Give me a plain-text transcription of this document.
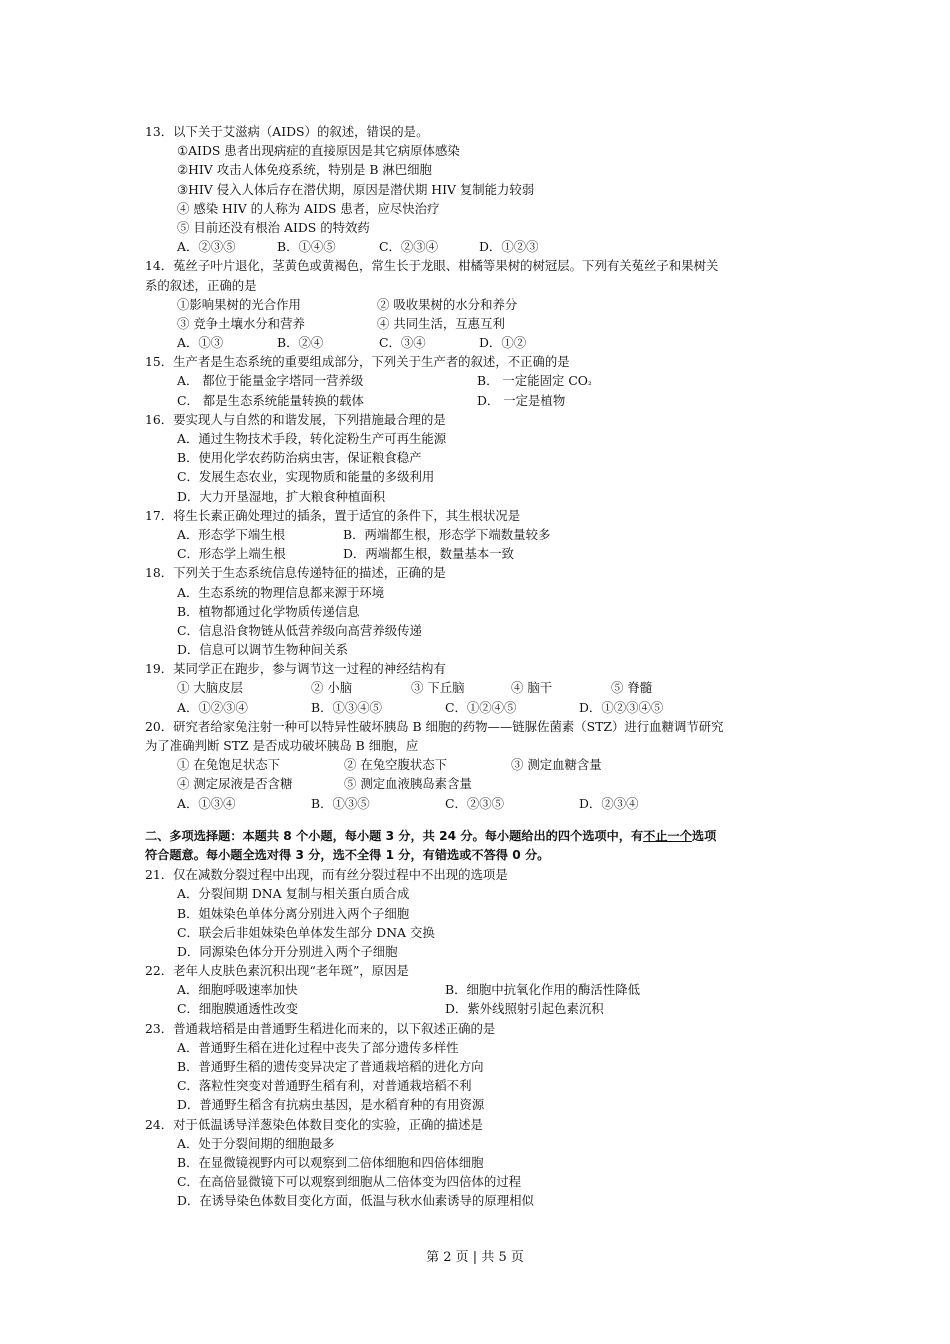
13．以下关于艾滋病（AIDS）的叙述，错误的是。
①AIDS 患者出现病症的直接原因是其它病原体感染
②HIV 攻击人体免疫系统，特别是 B 淋巴细胞
③HIV 侵入人体后存在潜伏期，原因是潜伏期 HIV 复制能力较弱
④ 感染 HIV 的人称为 AIDS 患者，应尽快治疗
⑤ 目前还没有根治 AIDS 的特效药
A．②③⑤	B．①④⑤	C．②③④	D．①②③
14．菟丝子叶片退化，茎黄色或黄褐色，常生长于龙眼、柑橘等果树的树冠层。下列有关菟丝子和果树关
系的叙述，正确的是
①影响果树的光合作用	② 吸收果树的水分和养分
③ 竞争土壤水分和营养	④ 共同生活，互惠互利
A．①③	B．②④	C．③④	D．①②
15．生产者是生态系统的重要组成部分，下列关于生产者的叙述，不正确的是
A． 都位于能量金字塔同一营养级	B． 一定能固定 CO₂
C． 都是生态系统能量转换的载体	D． 一定是植物
16．要实现人与自然的和谐发展，下列措施最合理的是
A．通过生物技术手段，转化淀粉生产可再生能源
B．使用化学农药防治病虫害，保证粮食稳产
C．发展生态农业，实现物质和能量的多级利用
D．大力开垦湿地，扩大粮食种植面积
17．将生长素正确处理过的插条，置于适宜的条件下，其生根状况是
A．形态学下端生根	B．两端都生根，形态学下端数量较多
C．形态学上端生根	D．两端都生根，数量基本一致
18．下列关于生态系统信息传递特征的描述，正确的是
A．生态系统的物理信息都来源于环境
B．植物都通过化学物质传递信息
C．信息沿食物链从低营养级向高营养级传递
D．信息可以调节生物种间关系
19．某同学正在跑步，参与调节这一过程的神经结构有
① 大脑皮层	② 小脑	③ 下丘脑	④ 脑干	⑤ 脊髓
A．①②③④	B．①③④⑤	C．①②④⑤	D．①②③④⑤
20．研究者给家兔注射一种可以特异性破坏胰岛 B 细胞的药物——链脲佐菌素（STZ）进行血糖调节研究
为了准确判断 STZ 是否成功破坏胰岛 B 细胞，应
① 在兔饱足状态下	② 在兔空腹状态下	③ 测定血糖含量
④ 测定尿液是否含糖	⑤ 测定血液胰岛素含量
A．①③④	B．①③⑤	C．②③⑤	D．②③④
二、多项选择题：本题共 8 个小题，每小题 3 分，共 24 分。每小题给出的四个选项中，有不止一个选项
符合题意。每小题全选对得 3 分，选不全得 1 分，有错选或不答得 0 分。
21．仅在减数分裂过程中出现，而有丝分裂过程中不出现的选项是
A．分裂间期 DNA 复制与相关蛋白质合成
B．姐妹染色单体分离分别进入两个子细胞
C．联会后非姐妹染色单体发生部分 DNA 交换
D．同源染色体分开分别进入两个子细胞
22．老年人皮肤色素沉积出现“老年斑”，原因是
A．细胞呼吸速率加快	B．细胞中抗氧化作用的酶活性降低
C．细胞膜通透性改变	D．紫外线照射引起色素沉积
23．普通栽培稻是由普通野生稻进化而来的，以下叙述正确的是
A．普通野生稻在进化过程中丧失了部分遗传多样性
B．普通野生稻的遗传变异决定了普通栽培稻的进化方向
C．落粒性突变对普通野生稻有利，对普通栽培稻不利
D．普通野生稻含有抗病虫基因，是水稻育种的有用资源
24．对于低温诱导洋葱染色体数目变化的实验，正确的描述是
A．处于分裂间期的细胞最多
B．在显微镜视野内可以观察到二倍体细胞和四倍体细胞
C．在高倍显微镜下可以观察到细胞从二倍体变为四倍体的过程
D．在诱导染色体数目变化方面，低温与秋水仙素诱导的原理相似
第 2 页 | 共 5 页
